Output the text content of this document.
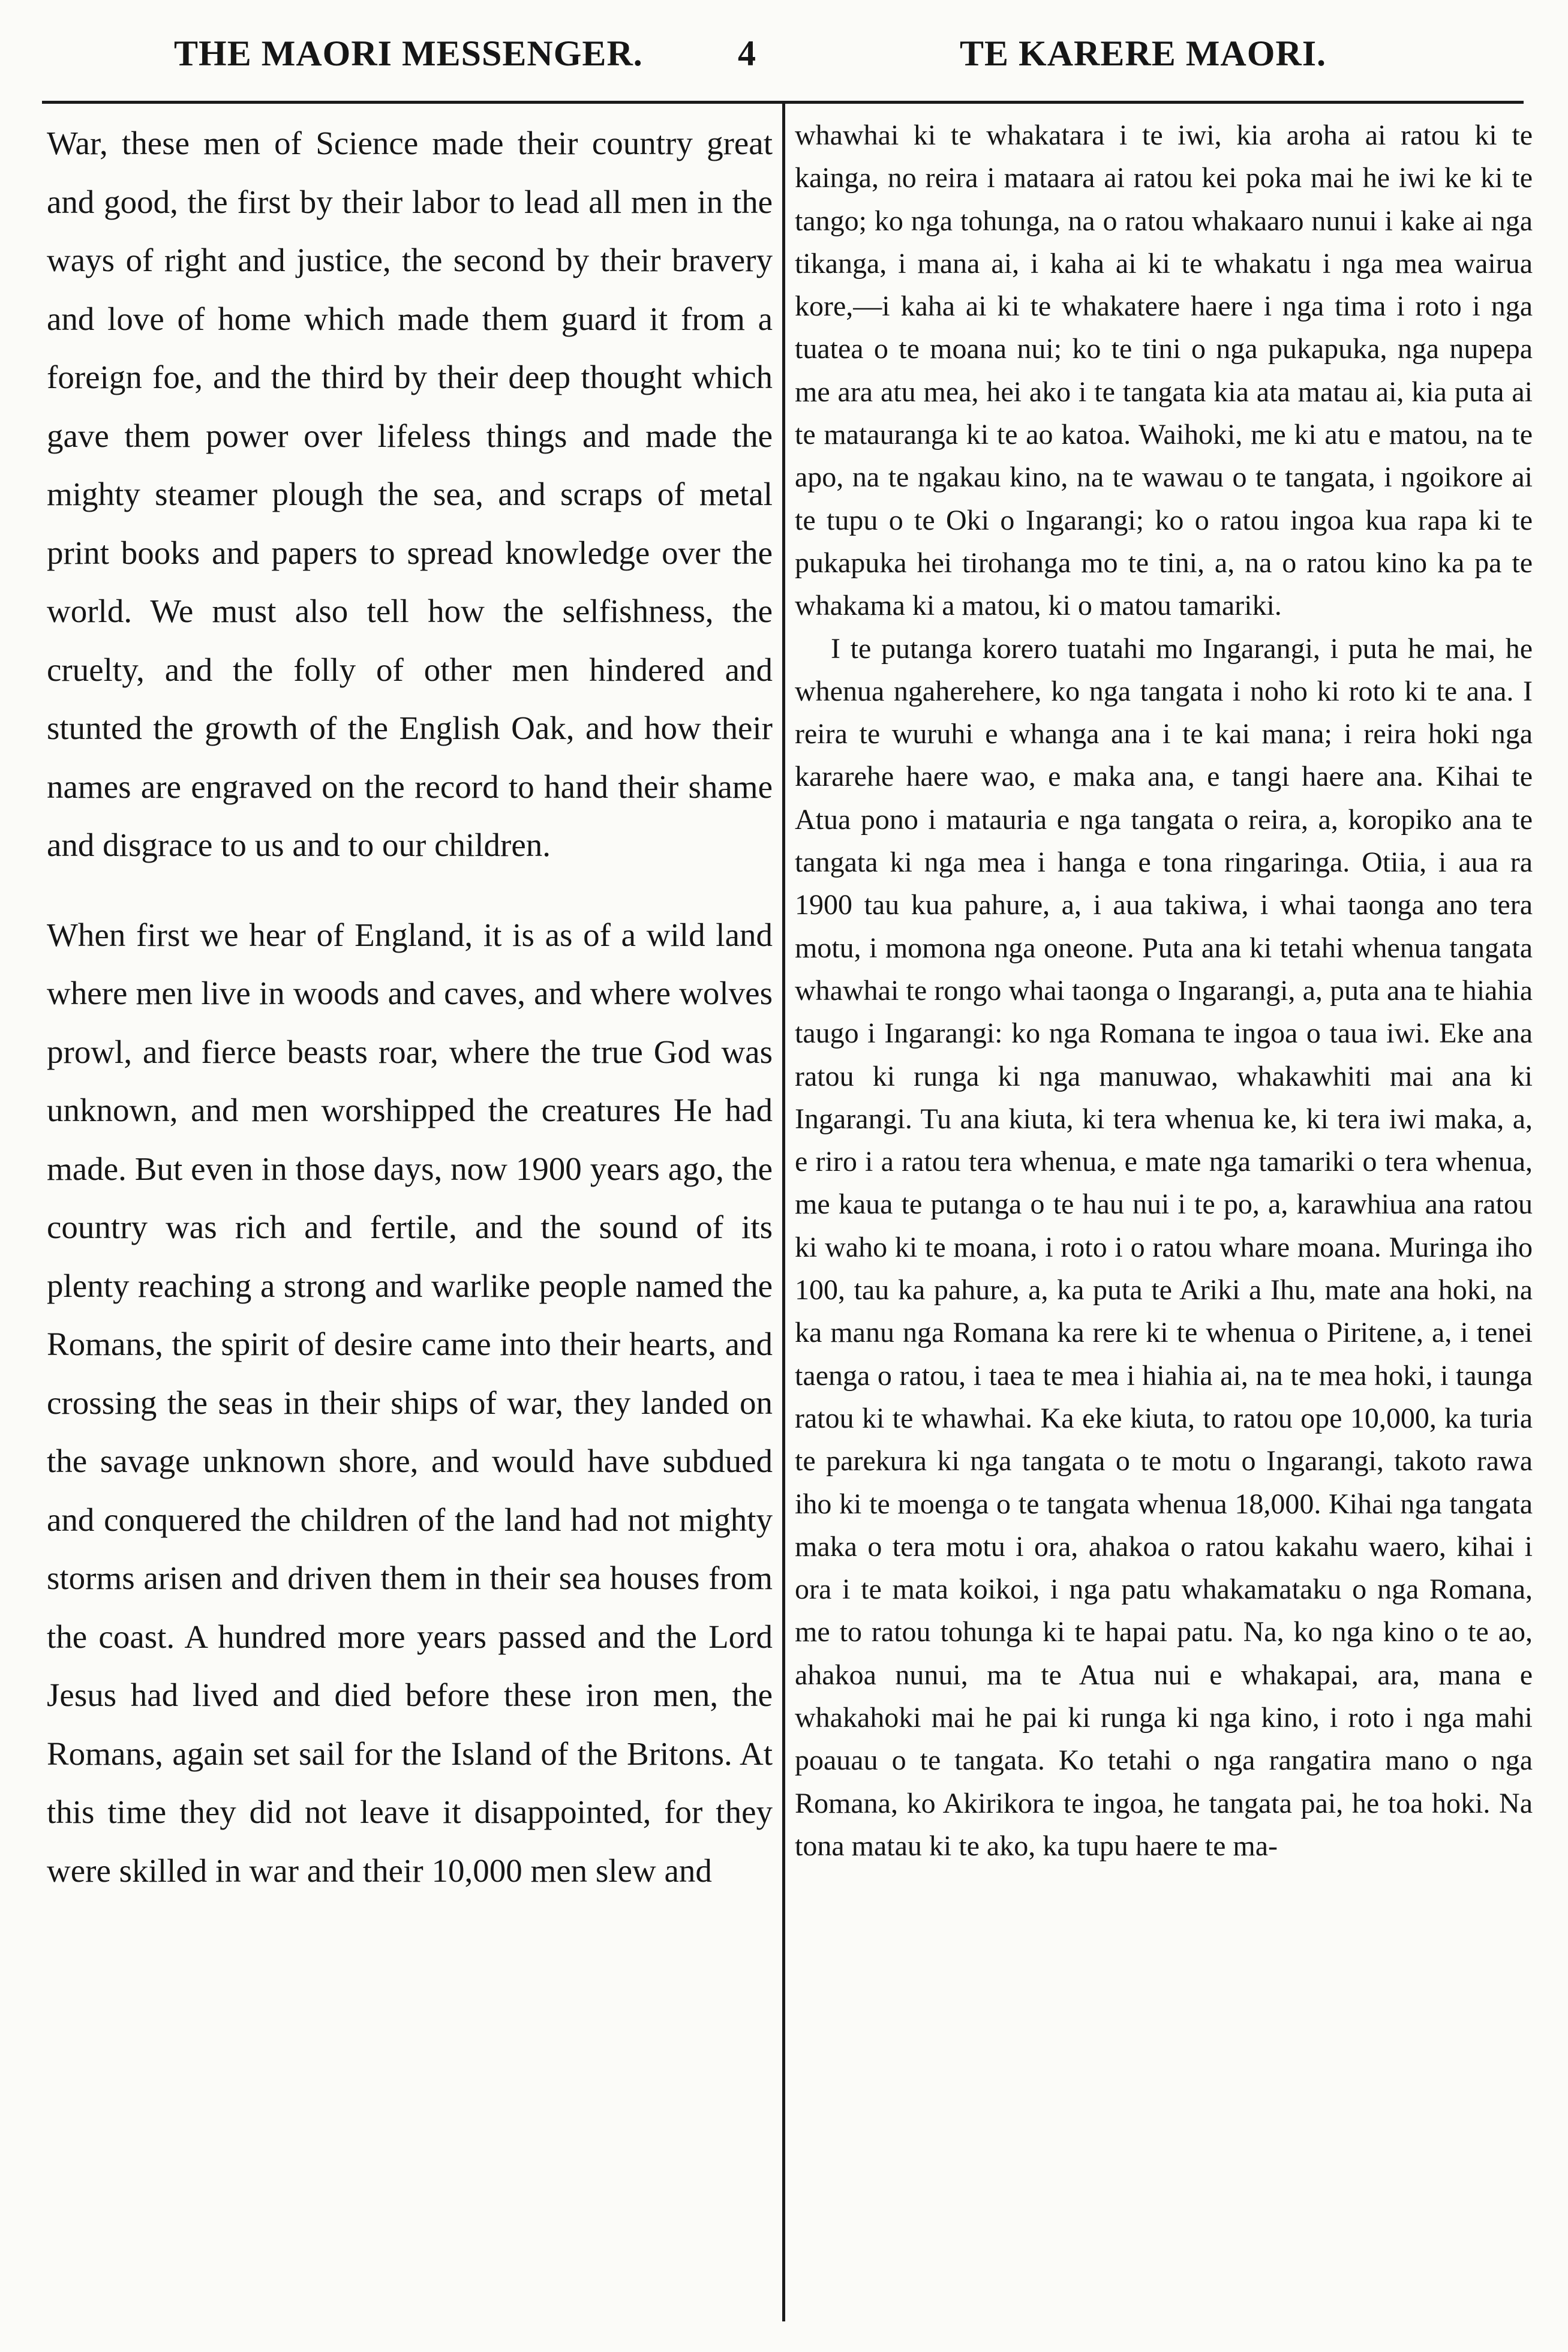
THE MAORI MESSENGER.	4	TE KARERE MAORI.

War, these men of Science made their country great and good, the first by their labor to lead all men in the ways of right and justice, the second by their bravery and love of home which made them guard it from a foreign foe, and the third by their deep thought which gave them power over lifeless things and made the mighty steamer plough the sea, and scraps of metal print books and papers to spread knowledge over the world. We must also tell how the selfishness, the cruelty, and the folly of other men hindered and stunted the growth of the English Oak, and how their names are engraved on the record to hand their shame and disgrace to us and to our children.

When first we hear of England, it is as of a wild land where men live in woods and caves, and where wolves prowl, and fierce beasts roar, where the true God was unknown, and men worshipped the creatures He had made. But even in those days, now 1900 years ago, the country was rich and fertile, and the sound of its plenty reaching a strong and warlike people named the Romans, the spirit of desire came into their hearts, and crossing the seas in their ships of war, they landed on the savage unknown shore, and would have subdued and conquered the children of the land had not mighty storms arisen and driven them in their sea houses from the coast. A hundred more years passed and the Lord Jesus had lived and died before these iron men, the Romans, again set sail for the Island of the Britons. At this time they did not leave it disappointed, for they were skilled in war and their 10,000 men slew and

whawhai ki te whakatara i te iwi, kia aroha ai ratou ki te kainga, no reira i mataara ai ratou kei poka mai he iwi ke ki te tango; ko nga tohunga, na o ratou whakaaro nunui i kake ai nga tikanga, i mana ai, i kaha ai ki te whakatu i nga mea wairua kore,—i kaha ai ki te whakatere haere i nga tima i roto i nga tuatea o te moana nui; ko te tini o nga pukapuka, nga nupepa me ara atu mea, hei ako i te tangata kia ata matau ai, kia puta ai te matauranga ki te ao katoa. Waihoki, me ki atu e matou, na te apo, na te ngakau kino, na te wawau o te tangata, i ngoikore ai te tupu o te Oki o Ingarangi; ko o ratou ingoa kua rapa ki te pukapuka hei tirohanga mo te tini, a, na o ratou kino ka pa te whakama ki a matou, ki o matou tamariki.

I te putanga korero tuatahi mo Ingarangi, i puta he mai, he whenua ngaherehere, ko nga tangata i noho ki roto ki te ana. I reira te wuruhi e whanga ana i te kai mana; i reira hoki nga kararehe haere wao, e maka ana, e tangi haere ana. Kihai te Atua pono i matauria e nga tangata o reira, a, koropiko ana te tangata ki nga mea i hanga e tona ringaringa. Otiia, i aua ra 1900 tau kua pahure, a, i aua takiwa, i whai taonga ano tera motu, i momona nga oneone. Puta ana ki tetahi whenua tangata whawhai te rongo whai taonga o Ingarangi, a, puta ana te hiahia taugo i Ingarangi: ko nga Romana te ingoa o taua iwi. Eke ana ratou ki runga ki nga manuwao, whakawhiti mai ana ki Ingarangi. Tu ana kiuta, ki tera whenua ke, ki tera iwi maka, a, e riro i a ratou tera whenua, e mate nga tamariki o tera whenua, me kaua te putanga o te hau nui i te po, a, karawhiua ana ratou ki waho ki te moana, i roto i o ratou whare moana. Muringa iho 100, tau ka pahure, a, ka puta te Ariki a Ihu, mate ana hoki, na ka manu nga Romana ka rere ki te whenua o Piritene, a, i tenei taenga o ratou, i taea te mea i hiahia ai, na te mea hoki, i taunga ratou ki te whawhai. Ka eke kiuta, to ratou ope 10,000, ka turia te parekura ki nga tangata o te motu o Ingarangi, takoto rawa iho ki te moenga o te tangata whenua 18,000. Kihai nga tangata maka o tera motu i ora, ahakoa o ratou kakahu waero, kihai i ora i te mata koikoi, i nga patu whakamataku o nga Romana, me to ratou tohunga ki te hapai patu. Na, ko nga kino o te ao, ahakoa nunui, ma te Atua nui e whakapai, ara, mana e whakahoki mai he pai ki runga ki nga kino, i roto i nga mahi poauau o te tangata. Ko tetahi o nga rangatira mano o nga Romana, ko Akirikora te ingoa, he tangata pai, he toa hoki. Na tona matau ki te ako, ka tupu haere te ma-
